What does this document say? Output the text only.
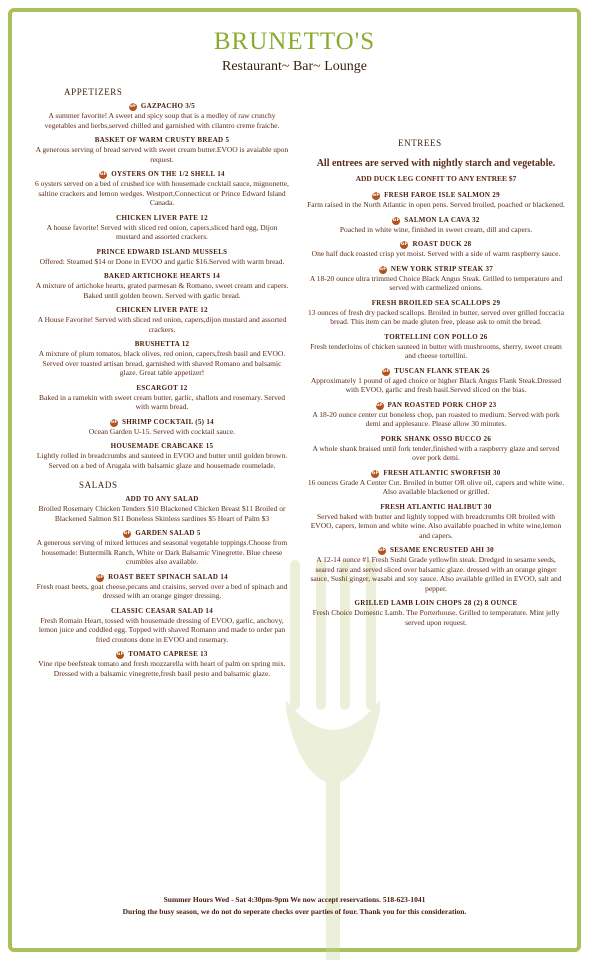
BRUNETTO'S
Restaurant~ Bar~ Lounge
APPETIZERS
GF GAZPACHO 3/5
A summer favorite! A sweet and spicy soup that is a medley of raw crunchy vegetables and herbs,served chilled and garnished with cilantro creme fraiche.
BASKET OF WARM CRUSTY BREAD 5
A generous serving of bread served with sweet cream butter.EVOO is avaiable upon request.
GF OYSTERS ON THE 1/2 SHELL 14
6 oysters served on a bed of crushed ice with housemade cocktail sauce, mignonette, saltine crackers and lemon wedges. Westport,Connecticut or Prince Edward Island Canada.
CHICKEN LIVER PATE 12
A house favorite! Served with sliced red onion, capers,sliced hard egg, Dijon mustard and assorted crackers.
PRINCE EDWARD ISLAND MUSSELS
Offered: Steamed $14 or Done in EVOO and garlic $16.Served with warm bread.
BAKED ARTICHOKE HEARTS 14
A mixture of artichoke hearts, grated parmesan & Romano, sweet cream and capers. Baked until golden brown. Served with garlic bread.
CHICKEN LIVER PATE 12
A House Favorite! Served with sliced red onion, capers,dijon mustard and assorted crackers.
BRUSHETTA 12
A mixture of plum tomatos, black olives, red onion, capers,fresh basil and EVOO. Served over toasted artisan bread, garnished with shaved Romano and balsamic glaze. Great table appetizer!
ESCARGOT 12
Baked in a ramekin with sweet cream butter, garlic, shallots and rosemary. Served with warm bread.
GF SHRIMP COCKTAIL (5) 14
Ocean Garden U-15. Served with cocktail sauce.
HOUSEMADE CRABCAKE 15
Lightly rolled in breadcrumbs and sauteed in EVOO and butter until golden brown. Served on a bed of Arugala with balsamic glaze and housemade roumelade.
SALADS
ADD TO ANY SALAD
Broiled Rosemary Chicken Tenders $10 Blackened Chicken Breast $11 Broiled or Blackened Salmon $11 Boneless Skinless sardines $5 Heart of Palm $3
GF GARDEN SALAD 5
A generous serving of mixed lettuces and seasonal vegetable toppings.Choose from housemade: Buttermilk Ranch, White or Dark Balsamic Vinegrette. Blue cheese crumbles also available.
GF ROAST BEET SPINACH SALAD 14
Fresh roast beets, goat cheese,pecans and craisins, served over a bed of spinach and dressed with an orange ginger dressing.
CLASSIC CEASAR SALAD 14
Fresh Romain Heart, tossed with housemade dressing of EVOO, garlic, anchovy, lemon juice and coddled egg. Topped with shaved Romano and made to order pan fried croutons done in EVOO and rosemary.
GF TOMATO CAPRESE 13
Vine ripe beefsteak tomato and fresh mozzarella with heart of palm on spring mix. Dressed with a balsamic vinegrette,fresh basil pesto and balsamic glaze.
ENTREES
All entrees are served with nightly starch and vegetable.
ADD DUCK LEG CONFIT TO ANY ENTREE $7
GF FRESH FAROE ISLE SALMON 29
Farm raised in the North Atlantic in open pens. Served broiled, poached or blackened.
GF SALMON LA CAVA 32
Poached in white wine, finished in sweet cream, dill and capers.
GF ROAST DUCK 28
One half duck roasted crisp yet moist. Served with a side of warm raspberry sauce.
GF NEW YORK STRIP STEAK 37
A 18-20 ounce ultra trimmed Choice Black Angus Steak. Grilled to temperature and served with carmelized onions.
FRESH BROILED SEA SCALLOPS 29
13 ounces of fresh dry packed scallops. Broiled in butter, served over grilled foccacia bread. This item can be made gluten free, please ask to omit the bread.
TORTELLINI CON POLLO 26
Fresh tenderloins of chicken sauteed in butter with mushrooms, sherry, sweet cream and cheese tortellini.
GF TUSCAN FLANK STEAK 26
Approximately 1 pound of aged choice or higher Black Angus Flank Steak.Dressed with EVOO, garlic and fresh basil.Served sliced on the bias.
GF PAN ROASTED PORK CHOP 23
A 18-20 ounce center cut boneless chop, pan roasted to medium. Served with pork demi and applesauce. Please allow 30 minutes.
PORK SHANK OSSO BUCCO 26
A whole shank braised until fork tender,finished with a raspberry glaze and served over pork demi.
GF FRESH ATLANTIC SWORFISH 30
16 ounces Grade A Center Cut. Broiled in butter OR olive oil, capers and white wine. Also available blackened or grilled.
FRESH ATLANTIC HALIBUT 30
Served baked with butter and lightly topped with breadcrumbs OR broiled with EVOO, capers, lemon and white wine. Also available poached in white wine,lemon and capers.
GF SESAME ENCRUSTED AHI 30
A 12-14 ounce #1 Fresh Sushi Grade yellowfin steak. Dredged in sesame seeds, seared rare and served sliced over balsamic glaze. dressed with an orange ginger sauce, Sushi ginger, wasabi and soy sauce. Also available grilled in EVOO, salt and pepper.
GRILLED LAMB LOIN CHOPS 28 (2) 8 OUNCE
Fresh Choice Domestic Lamb. The Porterhouse. Grilled to temperature. Mint jelly served upon request.
Summer Hours Wed - Sat 4:30pm-9pm We now accept reservations. 518-623-1041
During the busy season, we do not do seperate checks over parties of four. Thank you for this consideration.
